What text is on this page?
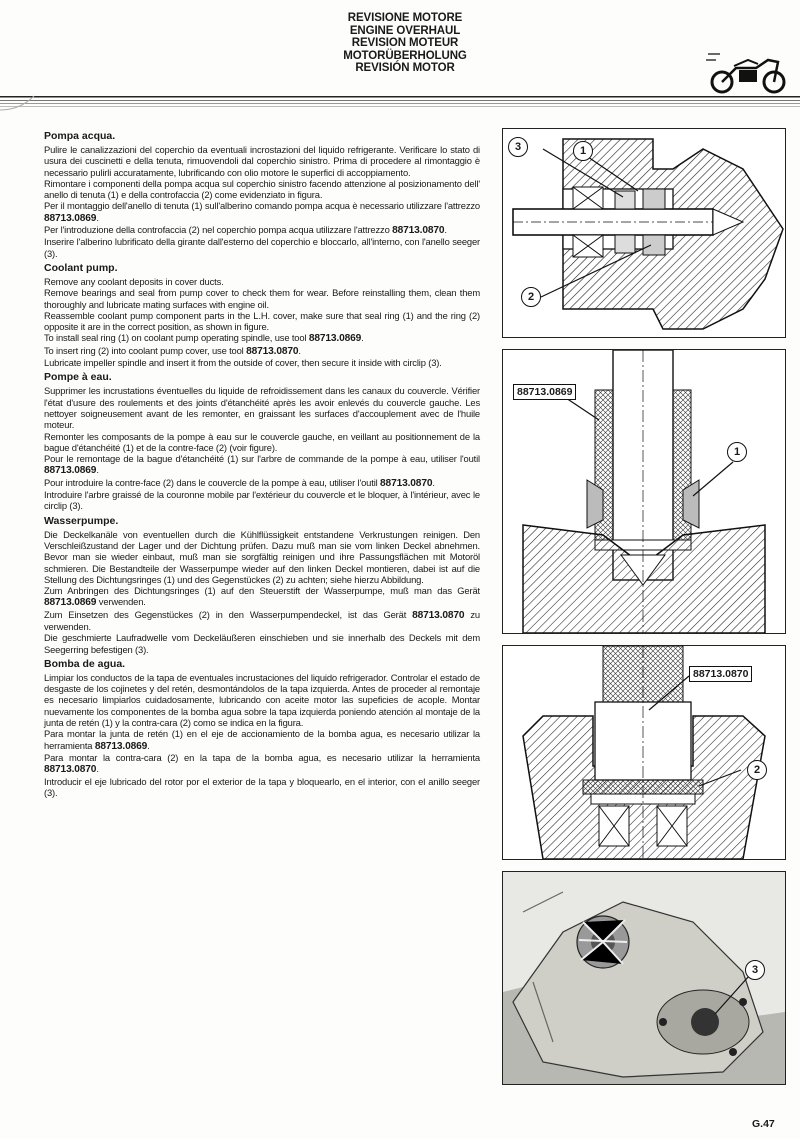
REVISIONE MOTORE
ENGINE OVERHAUL
REVISION MOTEUR
MOTORÜBERHOLUNG
REVISIÓN MOTOR
Pompa acqua.

Pulire le canalizzazioni del coperchio da eventuali incrostazioni del liquido refrigerante. Verificare lo stato di usura dei cuscinetti e della tenuta, rimuovendoli dal coperchio sinistro. Prima di procedere al rimontaggio è necessario pulirli accuratamente, lubrificando con olio motore le superfici di accoppiamento.

Rimontare i componenti della pompa acqua sul coperchio sinistro facendo attenzione al posizionamento dell' anello di tenuta (1) e della controfaccia (2) come evidenziato in figura.

Per il montaggio dell'anello di tenuta (1) sull'alberino comando pompa acqua è necessario utilizzare l'attrezzo 88713.0869.

Per l'introduzione della controfaccia (2) nel coperchio pompa acqua utilizzare l'attrezzo 88713.0870.

Inserire l'alberino lubrificato della girante dall'esterno del coperchio e bloccarlo, all'interno, con l'anello seeger (3).

Coolant pump.

Remove any coolant deposits in cover ducts.

Remove bearings and seal from pump cover to check them for wear. Before reinstalling them, clean them thoroughly and lubricate mating surfaces with engine oil.

Reassemble coolant pump component parts in the L.H. cover, make sure that seal ring (1) and the ring (2) opposite it are in the correct position, as shown in figure.

To install seal ring (1) on coolant pump operating spindle, use tool 88713.0869.

To insert ring (2) into coolant pump cover, use tool 88713.0870.

Lubricate impeller spindle and insert it from the outside of cover, then secure it inside with circlip (3).

Pompe à eau.

Supprimer les incrustations éventuelles du liquide de refroidissement dans les canaux du couvercle. Vérifier l'état d'usure des roulements et des joints d'étanchéité après les avoir enlevés du couvercle gauche. Les nettoyer soigneusement avant de les remonter, en graissant les surfaces d'accouplement avec de l'huile moteur.

Remonter les composants de la pompe à eau sur le couvercle gauche, en veillant au positionnement de la bague d'étanchéité (1) et de la contre-face (2) (voir figure).

Pour le remontage de la bague d'étanchéité (1) sur l'arbre de commande de la pompe à eau, utiliser l'outil 88713.0869.

Pour introduire la contre-face (2) dans le couvercle de la pompe à eau, utiliser l'outil 88713.0870.

Introduire l'arbre graissé de la couronne mobile par l'extérieur du couvercle et le bloquer, à l'intérieur, avec le circlip (3).

Wasserpumpe.

Die Deckelkanäle von eventuellen durch die Kühlflüssigkeit entstandene Verkrustungen reinigen. Den Verschleißzustand der Lager und der Dichtung prüfen. Dazu muß man sie vom linken Deckel abnehmen. Bevor man sie wieder einbaut, muß man sie sorgfältig reinigen und ihre Passungsflächen mit Motoröl schmieren. Die Bestandteile der Wasserpumpe wieder auf den linken Deckel montieren, dabei ist auf die Stellung des Dichtungsringes (1) und des Gegenstückes (2) zu achten; siehe hierzu Abbildung.

Zum Anbringen des Dichtungsringes (1) auf den Steuerstift der Wasserpumpe, muß man das Gerät 88713.0869 verwenden.

Zum Einsetzen des Gegenstückes (2) in den Wasserpumpendeckel, ist das Gerät 88713.0870 zu verwenden.

Die geschmierte Laufradwelle vom Deckeläußeren einschieben und sie innerhalb des Deckels mit dem Seegerring befestigen (3).

Bomba de agua.

Limpiar los conductos de la tapa de eventuales incrustaciones del liquido refrigerador. Controlar el estado de desgaste de los cojinetes y del retén, desmontándolos de la tapa izquierda. Antes de proceder al remontaje es necesario limpiarlos cuidadosamente, lubricando con aceite motor las supeficies de acople. Montar nuevamente los componentes de la bomba agua sobre la tapa izquierda poniendo atención al montaje de la junta de retén (1) y la contra-cara (2) como se indica en la figura.

Para montar la junta de retén (1) en el eje de accionamiento de la bomba agua, es necesario utilizar la herramienta 88713.0869.

Para montar la contra-cara (2) en la tapa de la bomba agua, es necesario utilizar la herramienta 88713.0870.

Introducir el eje lubricado del rotor por el exterior de la tapa y bloquearlo, en el interior, con el anillo seeger (3).

3	1
2
88713.0869
1
88713.0870
2
3
G.47
